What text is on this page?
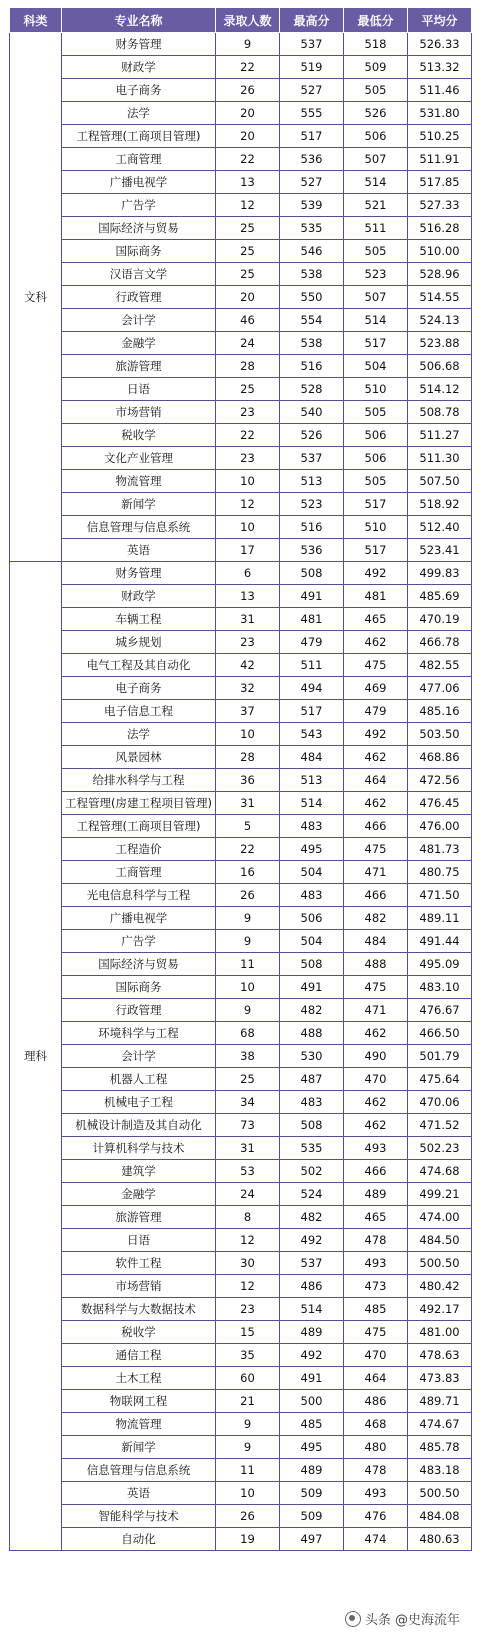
科类	专业名称	录取人数	最高分	最低分	平均分
文科	财务管理	9	537	518	526.33
	财政学	22	519	509	513.32
	电子商务	26	527	505	511.46
	法学	20	555	526	531.80
	工程管理(工商项目管理)	20	517	506	510.25
	工商管理	22	536	507	511.91
	广播电视学	13	527	514	517.85
	广告学	12	539	521	527.33
	国际经济与贸易	25	535	511	516.28
	国际商务	25	546	505	510.00
	汉语言文学	25	538	523	528.96
	行政管理	20	550	507	514.55
	会计学	46	554	514	524.13
	金融学	24	538	517	523.88
	旅游管理	28	516	504	506.68
	日语	25	528	510	514.12
	市场营销	23	540	505	508.78
	税收学	22	526	506	511.27
	文化产业管理	23	537	506	511.30
	物流管理	10	513	505	507.50
	新闻学	12	523	517	518.92
	信息管理与信息系统	10	516	510	512.40
	英语	17	536	517	523.41
理科	财务管理	6	508	492	499.83
	财政学	13	491	481	485.69
	车辆工程	31	481	465	470.19
	城乡规划	23	479	462	466.78
	电气工程及其自动化	42	511	475	482.55
	电子商务	32	494	469	477.06
	电子信息工程	37	517	479	485.16
	法学	10	543	492	503.50
	风景园林	28	484	462	468.86
	给排水科学与工程	36	513	464	472.56
	工程管理(房建工程项目管理)	31	514	462	476.45
	工程管理(工商项目管理)	5	483	466	476.00
	工程造价	22	495	475	481.73
	工商管理	16	504	471	480.75
	光电信息科学与工程	26	483	466	471.50
	广播电视学	9	506	482	489.11
	广告学	9	504	484	491.44
	国际经济与贸易	11	508	488	495.09
	国际商务	10	491	475	483.10
	行政管理	9	482	471	476.67
	环境科学与工程	68	488	462	466.50
	会计学	38	530	490	501.79
	机器人工程	25	487	470	475.64
	机械电子工程	34	483	462	470.06
	机械设计制造及其自动化	73	508	462	471.52
	计算机科学与技术	31	535	493	502.23
	建筑学	53	502	466	474.68
	金融学	24	524	489	499.21
	旅游管理	8	482	465	474.00
	日语	12	492	478	484.50
	软件工程	30	537	493	500.50
	市场营销	12	486	473	480.42
	数据科学与大数据技术	23	514	485	492.17
	税收学	15	489	475	481.00
	通信工程	35	492	470	478.63
	土木工程	60	491	464	473.83
	物联网工程	21	500	486	489.71
	物流管理	9	485	468	474.67
	新闻学	9	495	480	485.78
	信息管理与信息系统	11	489	478	483.18
	英语	10	509	493	500.50
	智能科学与技术	26	509	476	484.08
	自动化	19	497	474	480.63
头条 @史海流年
